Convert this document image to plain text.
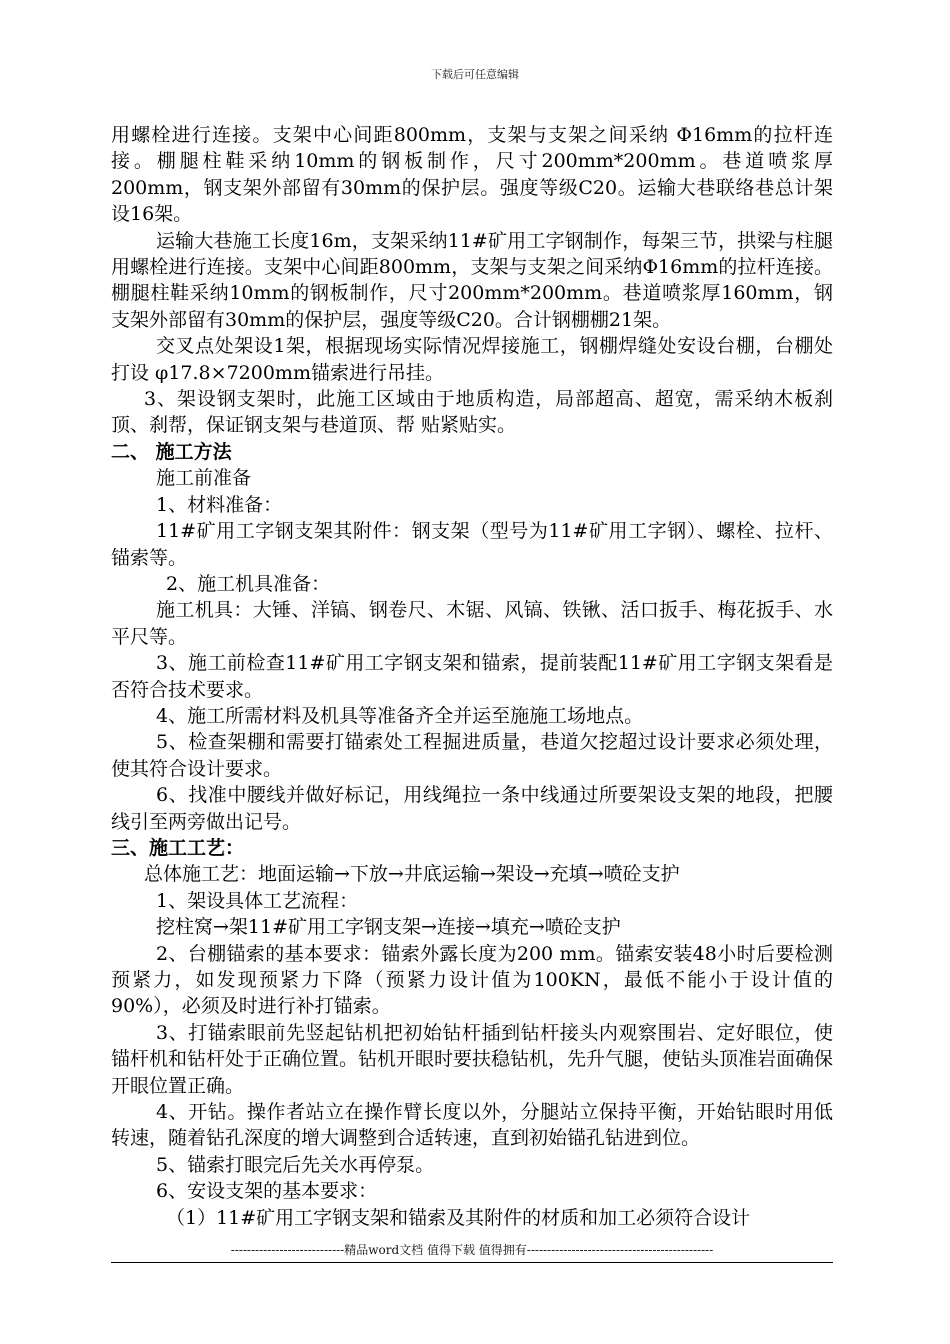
下载后可任意编辑

用螺栓进行连接。支架中心间距800mm，支架与支架之间采纳 Φ16mm的拉杆连接。棚腿柱鞋采纳10mm的钢板制作，尺寸200mm*200mm。巷道喷浆厚200mm，钢支架外部留有30mm的保护层。强度等级C20。运输大巷联络巷总计架设16架。

运输大巷施工长度16m，支架采纳11#矿用工字钢制作，每架三节，拱梁与柱腿用螺栓进行连接。支架中心间距800mm，支架与支架之间采纳Φ16mm的拉杆连接。棚腿柱鞋采纳10mm的钢板制作，尺寸200mm*200mm。巷道喷浆厚160mm，钢支架外部留有30mm的保护层，强度等级C20。合计钢棚棚21架。

交叉点处架设1架，根据现场实际情况焊接施工，钢棚焊缝处安设台棚，台棚处打设 φ17.8×7200mm锚索进行吊挂。

3、架设钢支架时，此施工区域由于地质构造，局部超高、超宽，需采纳木板刹顶、刹帮，保证钢支架与巷道顶、帮 贴紧贴实。

二、 施工方法

施工前准备

1、材料准备：

11#矿用工字钢支架其附件：钢支架（型号为11#矿用工字钢）、螺栓、拉杆、锚索等。

2、施工机具准备：

施工机具：大锤、洋镐、钢卷尺、木锯、风镐、铁锹、活口扳手、梅花扳手、水平尺等。

3、施工前检查11#矿用工字钢支架和锚索，提前装配11#矿用工字钢支架看是否符合技术要求。

4、施工所需材料及机具等准备齐全并运至施施工场地点。

5、检查架棚和需要打锚索处工程掘进质量，巷道欠挖超过设计要求必须处理，使其符合设计要求。

6、找准中腰线并做好标记，用线绳拉一条中线通过所要架设支架的地段，把腰线引至两旁做出记号。

三、施工工艺：

总体施工艺：地面运输→下放→井底运输→架设→充填→喷砼支护

1、架设具体工艺流程：

挖柱窝→架11#矿用工字钢支架→连接→填充→喷砼支护

2、台棚锚索的基本要求：锚索外露长度为200 mm。锚索安装48小时后要检测预紧力，如发现预紧力下降（预紧力设计值为100KN，最低不能小于设计值的90%），必须及时进行补打锚索。

3、打锚索眼前先竖起钻机把初始钻杆插到钻杆接头内观察围岩、定好眼位，使锚杆机和钻杆处于正确位置。钻机开眼时要扶稳钻机，先升气腿，使钻头顶准岩面确保开眼位置正确。

4、开钻。操作者站立在操作臂长度以外，分腿站立保持平衡，开始钻眼时用低转速，随着钻孔深度的增大调整到合适转速，直到初始锚孔钻进到位。

5、锚索打眼完后先关水再停泵。

6、安设支架的基本要求：

（1）11#矿用工字钢支架和锚索及其附件的材质和加工必须符合设计

----------------------------精品word文档 值得下载 值得拥有----------------------------------------------
